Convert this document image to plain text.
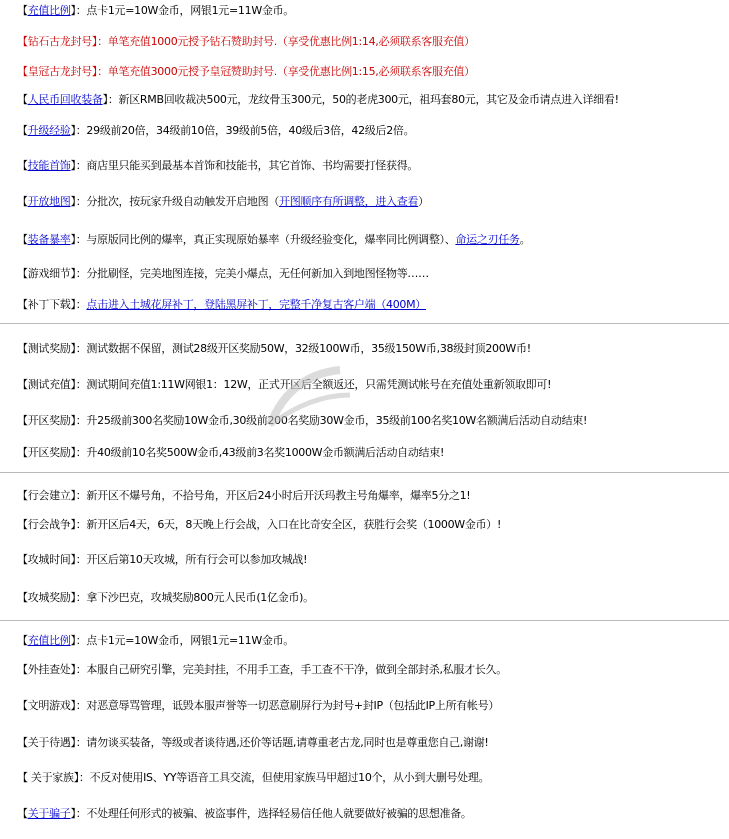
【充值比例】：点卡1元=10W金币，网银1元=11W金币。
【钻石古龙封号】：单笔充值1000元授予钻石赞助封号.（享受优惠比例1:14,必须联系客服充值）
【皇冠古龙封号】：单笔充值3000元授予皇冠赞助封号.（享受优惠比例1:15,必须联系客服充值）
【人民币回收装备】：新区RMB回收裁决500元，龙纹骨玉300元，50的老虎300元，祖玛套80元，其它及金币请点进入详细看!
【升级经验】：29级前20倍，34级前10倍，39级前5倍，40级后3倍，42级后2倍。
【技能首饰】：商店里只能买到最基本首饰和技能书，其它首饰、书均需要打怪获得。
【开放地图】：分批次，按玩家升级自动触发开启地图（开图顺序有所调整，进入查看）
【装备暴率】：与原版同比例的爆率，真正实现原始暴率（升级经验变化，爆率同比例调整）、命运之刃任务。
【游戏细节】：分批刷怪，完美地图连接，完美小爆点，无任何新加入到地图怪物等……
【补丁下载】：点击进入土城花屏补丁，登陆黑屏补丁，完整千净复古客户端（400M）
【测试奖励】：测试数据不保留，测试28级开区奖励50W，32级100W币，35级150W币,38级封顶200W币!
【测试充值】：测试期间充值1:11W网银1：12W，正式开区后全额返还，只需凭测试帐号在充值处重新领取即可!
【开区奖励】：升25级前300名奖励10W金币,30级前200名奖励30W金币，35级前100名奖10W名额满后活动自动结束!
【开区奖励】：升40级前10名奖500W金币,43级前3名奖1000W金币额满后活动自动结束!
【行会建立】：新开区不爆号角，不拾号角，开区后24小时后开沃玛教主号角爆率，爆率5分之1!
【行会战争】：新开区后4天，6天，8天晚上行会战，入口在比奇安全区，获胜行会奖（1000W金币）!
【攻城时间】：开区后第10天攻城，所有行会可以参加攻城战!
【攻城奖励】：拿下沙巴克，攻城奖励800元人民币(1亿金币)。
【充值比例】：点卡1元=10W金币，网银1元=11W金币。
【外挂查处】：本服自己研究引擎，完美封挂，不用手工查，手工查不干净，做到全部封杀,私服才长久。
【文明游戏】：对恶意辱骂管理，诋毁本服声誉等一切恶意刷屏行为封号+封IP（包括此IP上所有帐号）
【关于待遇】：请勿谈买装备，等级或者谈待遇,还价等话题,请尊重老古龙,同时也是尊重您自己,谢谢!
【 关于家族】：不反对使用IS、YY等语音工具交流，但使用家族马甲超过10个，从小到大删号处理。
【关于骗子】：不处理任何形式的被骗、被盗事件，选择轻易信任他人就要做好被骗的思想准备。
